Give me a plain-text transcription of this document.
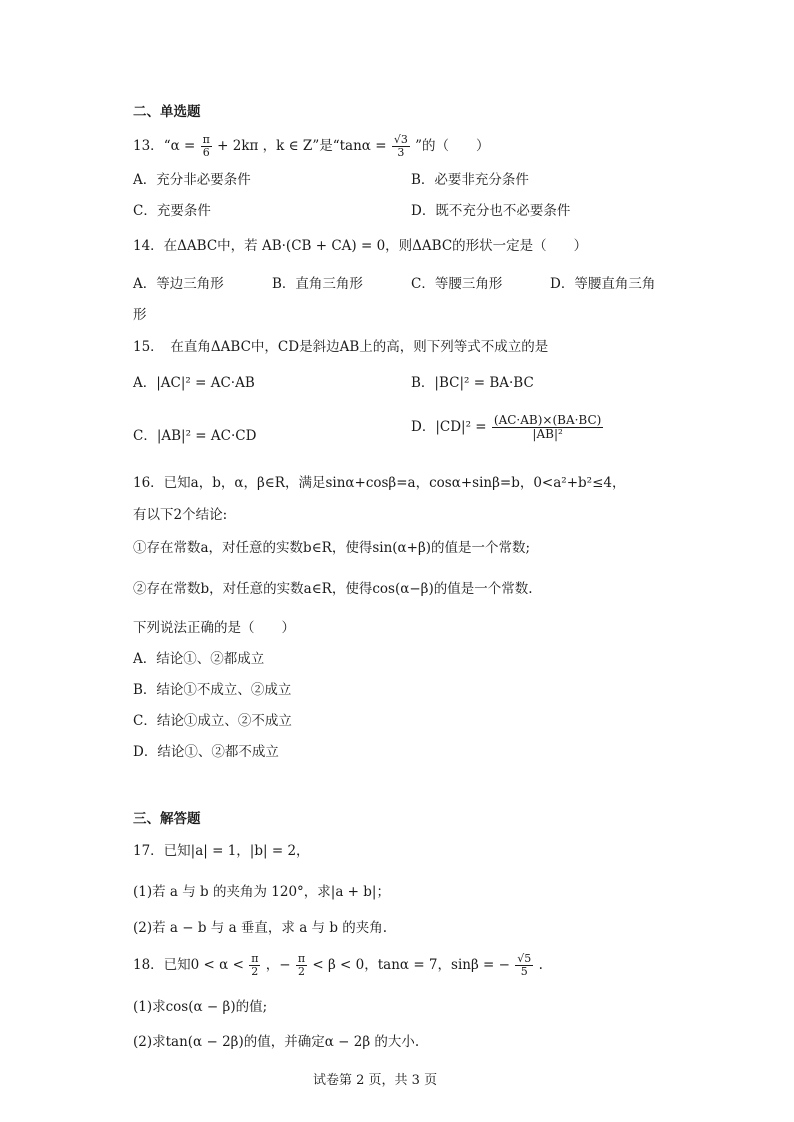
二、单选题
13．“$\alpha = \frac{\pi}{6} + 2k\pi$ ，k ∈ Z”是“$\tan\alpha = \frac{√3}{3}$ ”的（　　）
A．充分非必要条件	B．必要非充分条件
C．充要条件	D．既不充分也不必要条件
14．在ΔABC中，若 AB·(CB + CA) = 0，则ΔABC的形状一定是（　　）
A．等边三角形	B．直角三角形	C．等腰三角形	D．等腰直角三角
形
15．　在直角ΔABC中，CD是斜边AB上的高，则下列等式不成立的是
A．|AC|² = AC·AB	B．|BC|² = BA·BC
C．|AB|² = AC·CD
D．$|CD|^2 = \frac{(AC\cdot AB)\times(BA\cdot BC)}{\text{|AB|²}}$
16．已知a，b，α，β∈R，满足sinα+cosβ=a，cosα+sinβ=b，0<a²+b²≤4，
有以下2个结论:
①存在常数a，对任意的实数b∈R，使得sin(α+β)的值是一个常数;
②存在常数b，对任意的实数a∈R，使得cos(α−β)的值是一个常数.
下列说法正确的是（　　）
A．结论①、②都成立
B．结论①不成立、②成立
C．结论①成立、②不成立
D．结论①、②都不成立
三、解答题
17．已知|a| = 1，|b| = 2，
(1)若 a 与 b 的夹角为 120°，求|a + b|；
(2)若 a − b 与 a 垂直，求 a 与 b 的夹角.
18．已知$0 < \alpha < \frac{\pi}{2}$ ，− $\frac{\pi}{2} < \beta < 0$，tanα = 7，sinβ = − $\frac{√5}{5}$ .
(1)求cos(α − β)的值;
(2)求tan(α − 2β)的值，并确定α − 2β 的大小.
试卷第 2 页，共 3 页
